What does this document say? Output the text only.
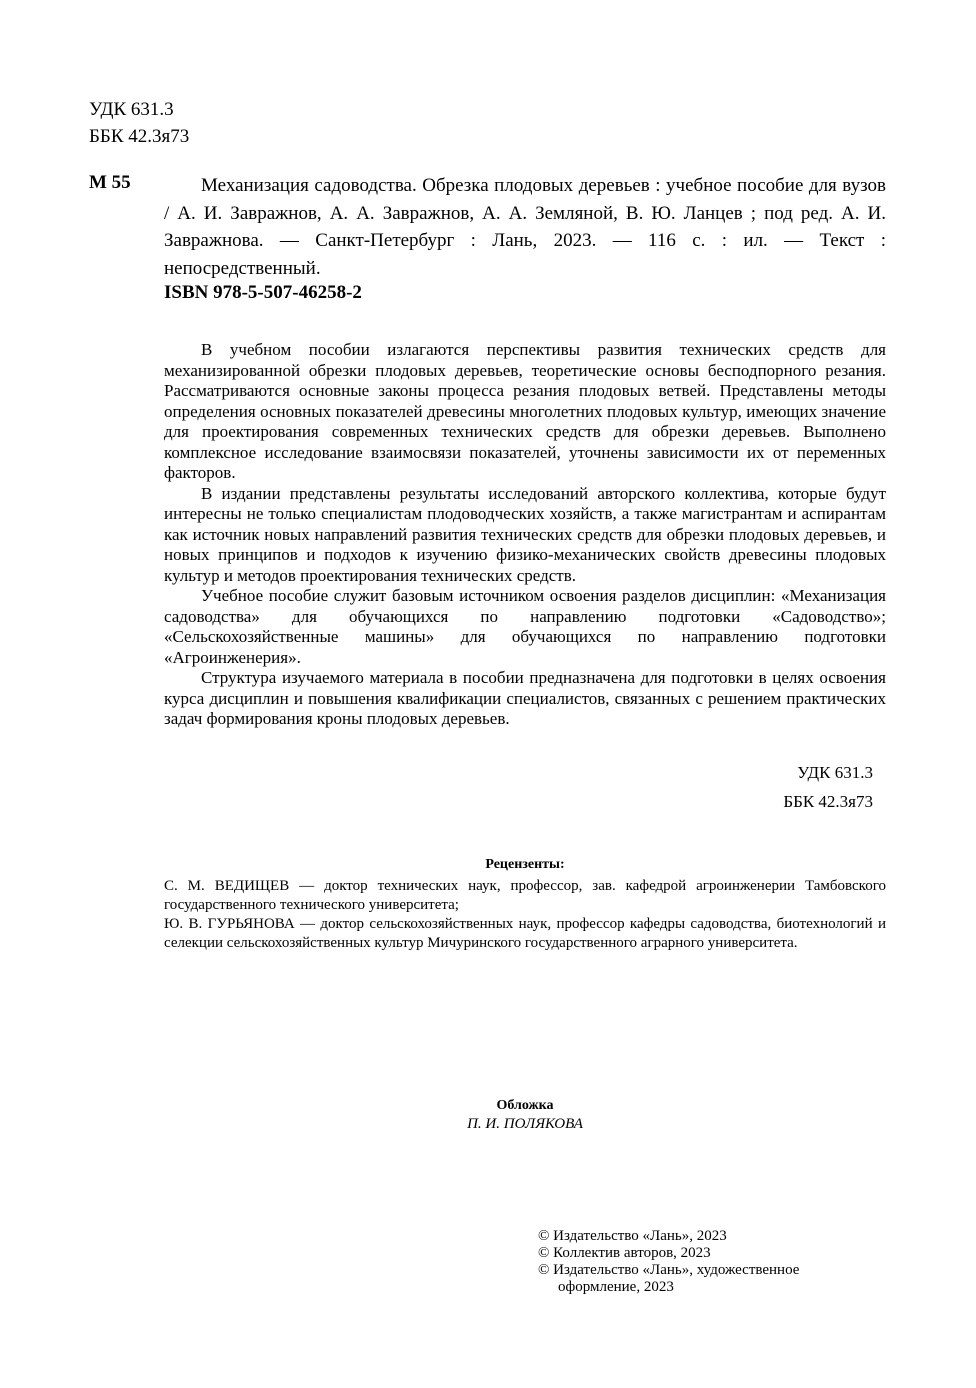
УДК 631.3
ББК 42.3я73
М 55	Механизация садоводства. Обрезка плодовых деревьев : учебное пособие для вузов / А. И. Завражнов, А. А. Завражнов, А. А. Земляной, В. Ю. Ланцев ; под ред. А. И. Завражнова. — Санкт-Петербург : Лань, 2023. — 116 с. : ил. — Текст : непосредственный.
ISBN 978-5-507-46258-2

В учебном пособии излагаются перспективы развития технических средств для механизированной обрезки плодовых деревьев, теоретические основы бесподпорного резания. Рассматриваются основные законы процесса резания плодовых ветвей. Представлены методы определения основных показателей древесины многолетних плодовых культур, имеющих значение для проектирования современных технических средств для обрезки деревьев. Выполнено комплексное исследование взаимосвязи показателей, уточнены зависимости их от переменных факторов.

В издании представлены результаты исследований авторского коллектива, которые будут интересны не только специалистам плодоводческих хозяйств, а также магистрантам и аспирантам как источник новых направлений развития технических средств для обрезки плодовых деревьев, и новых принципов и подходов к изучению физико-механических свойств древесины плодовых культур и методов проектирования технических средств.

Учебное пособие служит базовым источником освоения разделов дисциплин: «Механизация садоводства» для обучающихся по направлению подготовки «Садоводство»; «Сельскохозяйственные машины» для обучающихся по направлению подготовки «Агроинженерия».

Структура изучаемого материала в пособии предназначена для подготовки в целях освоения курса дисциплин и повышения квалификации специалистов, связанных с решением практических задач формирования кроны плодовых деревьев.

УДК 631.3
ББК 42.3я73
Рецензенты:

С. М. ВЕДИЩЕВ — доктор технических наук, профессор, зав. кафедрой агроинженерии Тамбовского государственного технического университета;

Ю. В. ГУРЬЯНОВА — доктор сельскохозяйственных наук, профессор кафедры садоводства, биотехнологий и селекции сельскохозяйственных культур Мичуринского государственного аграрного университета.

Обложка
П. И. ПОЛЯКОВА
© Издательство «Лань», 2023
© Коллектив авторов, 2023
© Издательство «Лань», художественное
оформление, 2023
